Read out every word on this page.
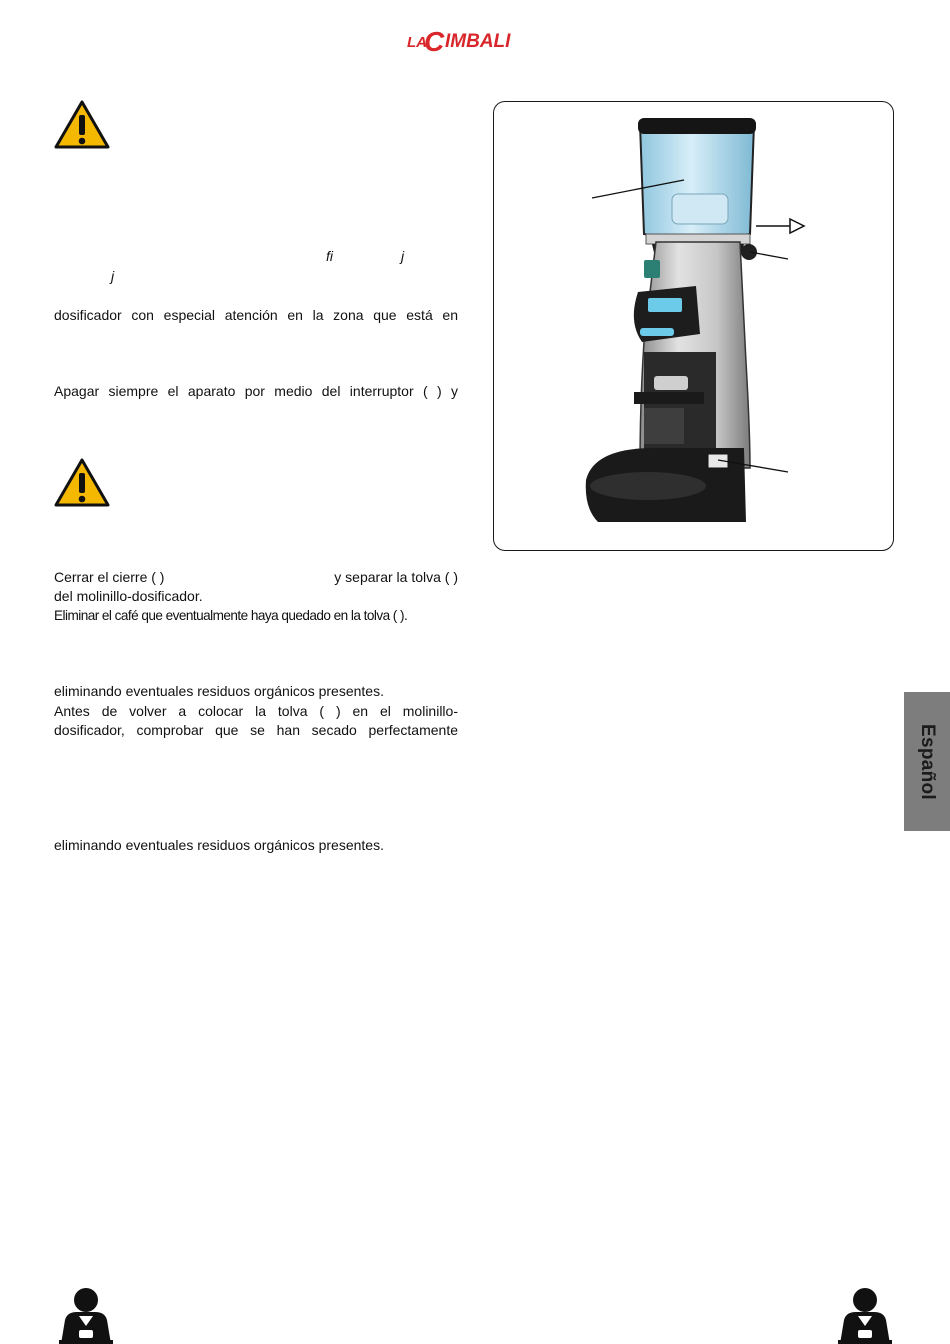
LA
C IMBALI
fi	j
j
dosificador con especial atención en la zona que está en
Apagar siempre el aparato por medio del interruptor ( ) y
Cerrar el cierre ( )	y separar la tolva ( )
del molinillo-dosificador.
Eliminar el café que eventualmente haya quedado en la tolva ( ).
eliminando eventuales residuos orgánicos presentes.
Antes de volver a colocar la tolva ( ) en el molinillo-
dosificador, comprobar que se han secado perfectamente
eliminando eventuales residuos orgánicos presentes.
Español
